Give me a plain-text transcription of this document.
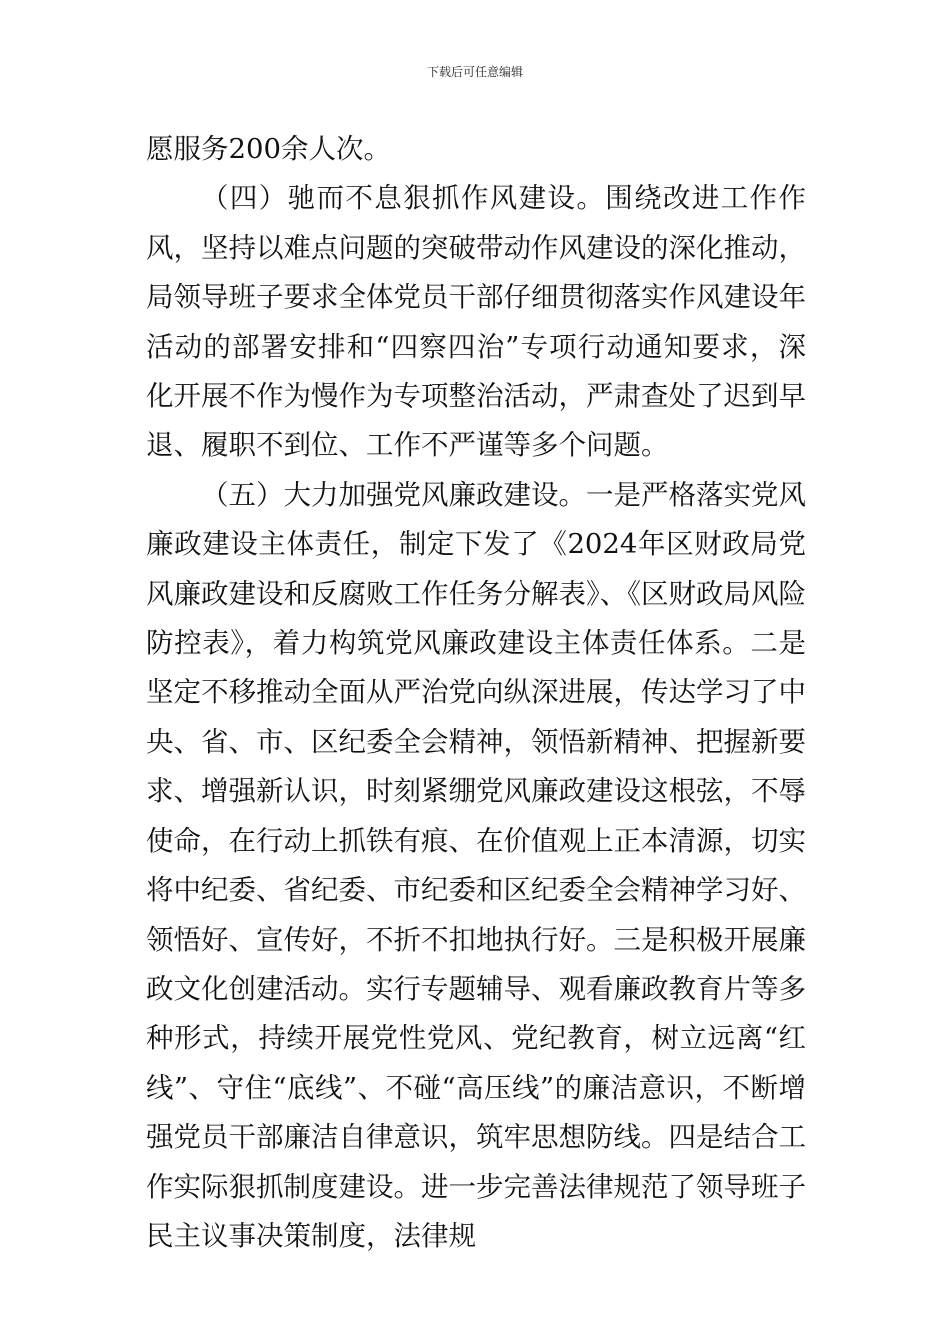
下载后可任意编辑

愿服务200余人次。

（四）驰而不息狠抓作风建设。围绕改进工作作风，坚持以难点问题的突破带动作风建设的深化推动，局领导班子要求全体党员干部仔细贯彻落实作风建设年活动的部署安排和“四察四治”专项行动通知要求，深化开展不作为慢作为专项整治活动，严肃查处了迟到早退、履职不到位、工作不严谨等多个问题。

（五）大力加强党风廉政建设。一是严格落实党风廉政建设主体责任，制定下发了《2024年区财政局党风廉政建设和反腐败工作任务分解表》、《区财政局风险防控表》，着力构筑党风廉政建设主体责任体系。二是坚定不移推动全面从严治党向纵深进展，传达学习了中央、省、市、区纪委全会精神，领悟新精神、把握新要求、增强新认识，时刻紧绷党风廉政建设这根弦，不辱使命，在行动上抓铁有痕、在价值观上正本清源，切实将中纪委、省纪委、市纪委和区纪委全会精神学习好、领悟好、宣传好，不折不扣地执行好。三是积极开展廉政文化创建活动。实行专题辅导、观看廉政教育片等多种形式，持续开展党性党风、党纪教育，树立远离“红线”、守住“底线”、不碰“高压线”的廉洁意识，不断增强党员干部廉洁自律意识，筑牢思想防线。四是结合工作实际狠抓制度建设。进一步完善法律规范了领导班子民主议事决策制度，法律规
